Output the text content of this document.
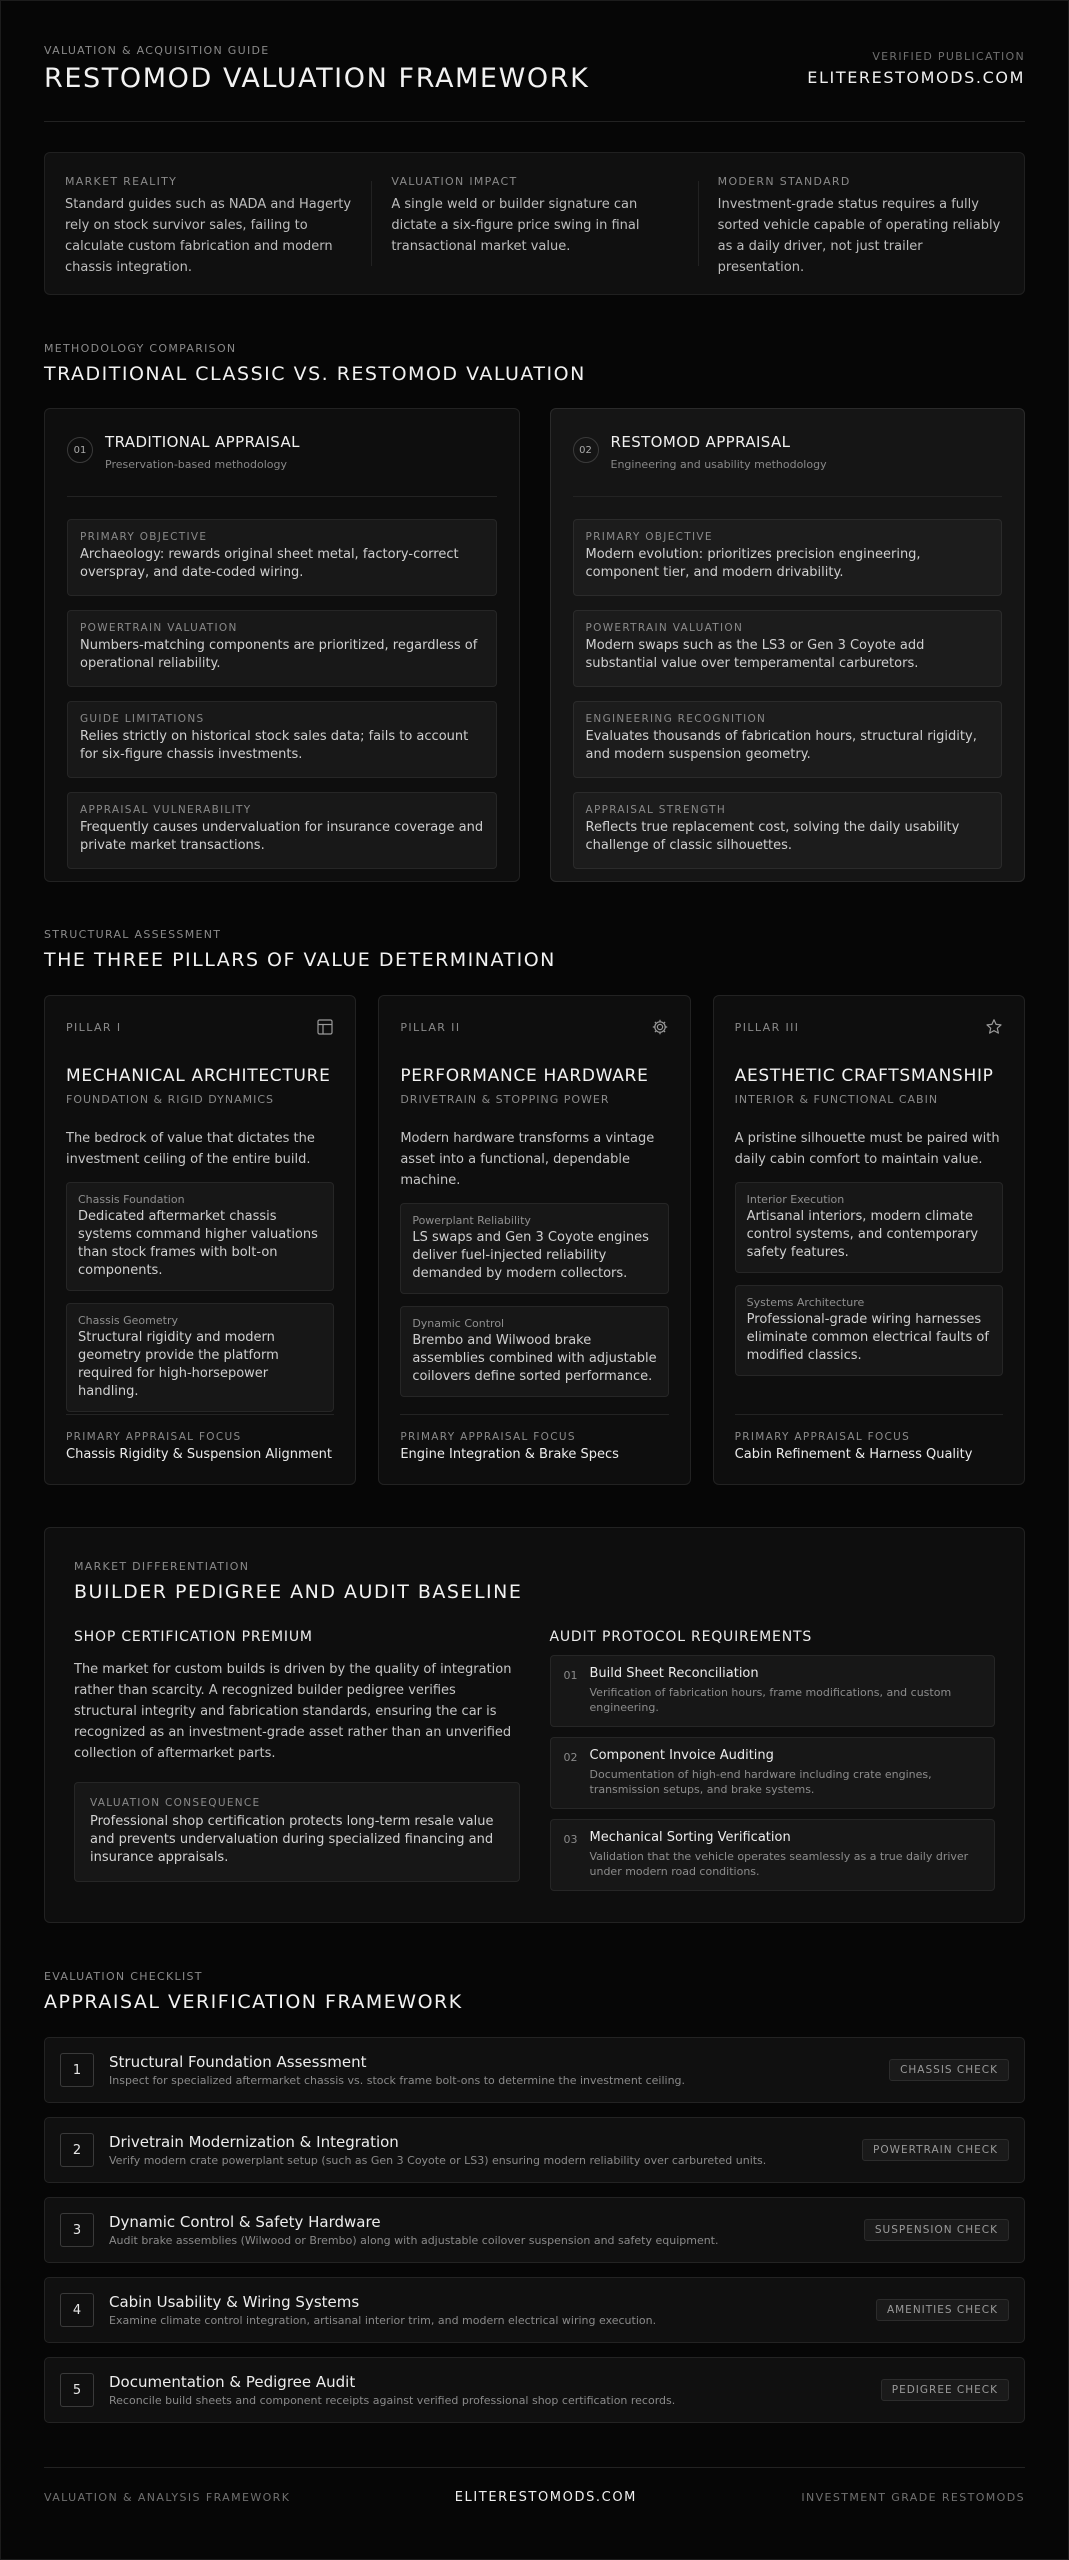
VALUATION & ACQUISITION GUIDE
RESTOMOD VALUATION FRAMEWORK
VERIFIED PUBLICATION
ELITERESTOMODS.COM
MARKET REALITY

Standard guides such as NADA and Hagerty rely on stock survivor sales, failing to calculate custom fabrication and modern chassis integration.

VALUATION IMPACT

A single weld or builder signature can dictate a six-figure price swing in final transactional market value.

MODERN STANDARD

Investment-grade status requires a fully sorted vehicle capable of operating reliably as a daily driver, not just trailer presentation.

METHODOLOGY COMPARISON
TRADITIONAL CLASSIC VS. RESTOMOD VALUATION
01	TRADITIONAL APPRAISAL
Preservation-based methodology
PRIMARY OBJECTIVE

Archaeology: rewards original sheet metal, factory-correct overspray, and date-coded wiring.

POWERTRAIN VALUATION

Numbers-matching components are prioritized, regardless of operational reliability.

GUIDE LIMITATIONS

Relies strictly on historical stock sales data; fails to account for six-figure chassis investments.

APPRAISAL VULNERABILITY

Frequently causes undervaluation for insurance coverage and private market transactions.

02	RESTOMOD APPRAISAL
Engineering and usability methodology
PRIMARY OBJECTIVE

Modern evolution: prioritizes precision engineering, component tier, and modern drivability.

POWERTRAIN VALUATION

Modern swaps such as the LS3 or Gen 3 Coyote add substantial value over temperamental carburetors.

ENGINEERING RECOGNITION

Evaluates thousands of fabrication hours, structural rigidity, and modern suspension geometry.

APPRAISAL STRENGTH

Reflects true replacement cost, solving the daily usability challenge of classic silhouettes.

STRUCTURAL ASSESSMENT
THE THREE PILLARS OF VALUE DETERMINATION
PILLAR I
MECHANICAL ARCHITECTURE
FOUNDATION & RIGID DYNAMICS
The bedrock of value that dictates the investment ceiling of the entire build.
Chassis Foundation

Dedicated aftermarket chassis systems command higher valuations than stock frames with bolt-on components.

Chassis Geometry

Structural rigidity and modern geometry provide the platform required for high-horsepower handling.

PRIMARY APPRAISAL FOCUS
Chassis Rigidity & Suspension Alignment
PILLAR II
PERFORMANCE HARDWARE
DRIVETRAIN & STOPPING POWER
Modern hardware transforms a vintage asset into a functional, dependable machine.
Powerplant Reliability

LS swaps and Gen 3 Coyote engines deliver fuel-injected reliability demanded by modern collectors.

Dynamic Control

Brembo and Wilwood brake assemblies combined with adjustable coilovers define sorted performance.

PRIMARY APPRAISAL FOCUS
Engine Integration & Brake Specs
PILLAR III
AESTHETIC CRAFTSMANSHIP
INTERIOR & FUNCTIONAL CABIN
A pristine silhouette must be paired with daily cabin comfort to maintain value.
Interior Execution

Artisanal interiors, modern climate control systems, and contemporary safety features.

Systems Architecture

Professional-grade wiring harnesses eliminate common electrical faults of modified classics.

PRIMARY APPRAISAL FOCUS
Cabin Refinement & Harness Quality
MARKET DIFFERENTIATION
BUILDER PEDIGREE AND AUDIT BASELINE
SHOP CERTIFICATION PREMIUM

The market for custom builds is driven by the quality of integration rather than scarcity. A recognized builder pedigree verifies structural integrity and fabrication standards, ensuring the car is recognized as an investment-grade asset rather than an unverified collection of aftermarket parts.

VALUATION CONSEQUENCE

Professional shop certification protects long-term resale value and prevents undervaluation during specialized financing and insurance appraisals.

AUDIT PROTOCOL REQUIREMENTS
01 Build Sheet Reconciliation
Verification of fabrication hours, frame modifications, and custom engineering.
02 Component Invoice Auditing
Documentation of high-end hardware including crate engines, transmission setups, and brake systems.
03 Mechanical Sorting Verification
Validation that the vehicle operates seamlessly as a true daily driver under modern road conditions.
EVALUATION CHECKLIST
APPRAISAL VERIFICATION FRAMEWORK
1	Structural Foundation Assessment
Inspect for specialized aftermarket chassis vs. stock frame bolt-ons to determine the investment ceiling.
CHASSIS CHECK
2	Drivetrain Modernization & Integration
Verify modern crate powerplant setup (such as Gen 3 Coyote or LS3) ensuring modern reliability over carbureted units.
POWERTRAIN CHECK
3	Dynamic Control & Safety Hardware
Audit brake assemblies (Wilwood or Brembo) along with adjustable coilover suspension and safety equipment.
SUSPENSION CHECK
4	Cabin Usability & Wiring Systems
Examine climate control integration, artisanal interior trim, and modern electrical wiring execution.
AMENITIES CHECK
5	Documentation & Pedigree Audit
Reconcile build sheets and component receipts against verified professional shop certification records.
PEDIGREE CHECK
VALUATION & ANALYSIS FRAMEWORK	ELITERESTOMODS.COM	INVESTMENT GRADE RESTOMODS
